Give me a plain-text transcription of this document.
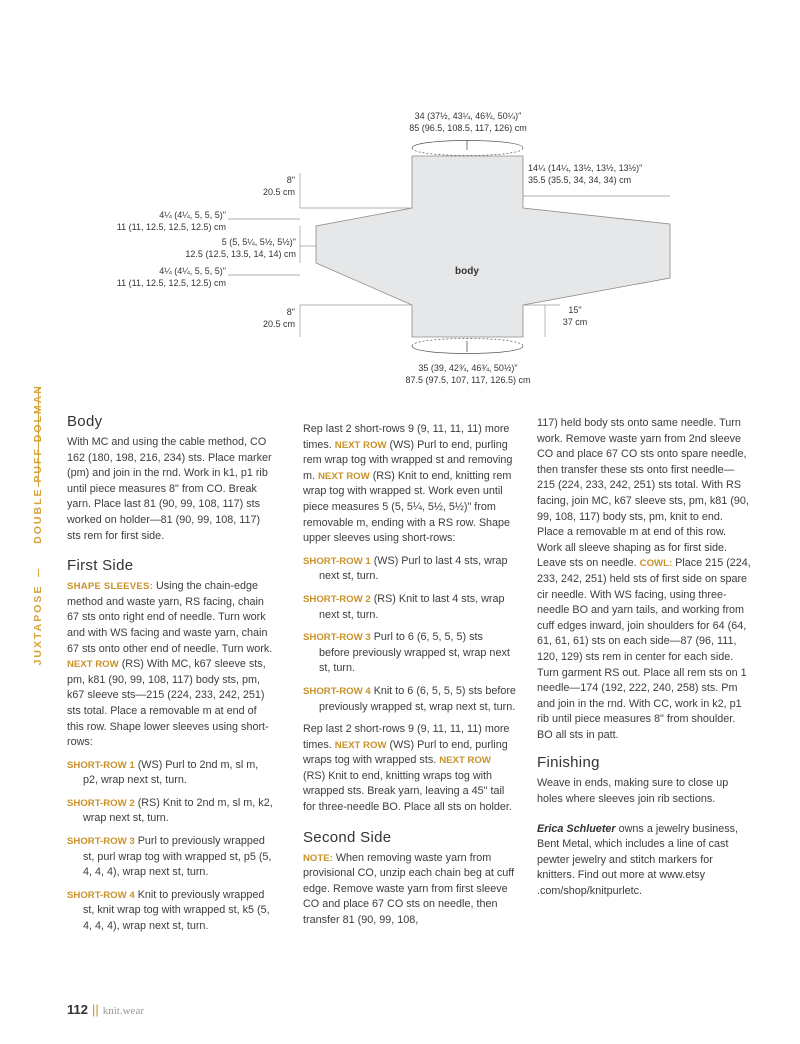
34 (37½, 43¼, 46¾, 50¼)"
85 (96.5, 108.5, 117, 126) cm
14¼ (14¼, 13½, 13½, 13½)"
35.5 (35.5, 34, 34, 34) cm
8"
20.5 cm
4¼ (4¼, 5, 5, 5)"
11 (11, 12.5, 12.5, 12.5) cm
5 (5, 5¼, 5½, 5½)"
12.5 (12.5, 13.5, 14, 14) cm
4¼ (4¼, 5, 5, 5)"
11 (11, 12.5, 12.5, 12.5) cm
8"
20.5 cm
body
15"
37 cm
35 (39, 42¾, 46¾, 50½)"
87.5 (97.5, 107, 117, 126.5) cm
DOUBLE PUFF DOLMAN
JUXTAPOSE
Body

With MC and using the cable method, CO 162 (180, 198, 216, 234) sts. Place marker (pm) and join in the rnd. Work in k1, p1 rib until piece measures 8" from CO. Break yarn. Place last 81 (90, 99, 108, 117) sts worked on holder—81 (90, 99, 108, 117) sts rem for first side.

First Side

SHAPE SLEEVES: Using the chain-edge method and waste yarn, RS facing, chain 67 sts onto right end of needle. Turn work and with WS facing and waste yarn, chain 67 sts onto other end of needle. Turn work. NEXT ROW (RS) With MC, k67 sleeve sts, pm, k81 (90, 99, 108, 117) body sts, pm, k67 sleeve sts—215 (224, 233, 242, 251) sts total. Place a removable m at end of this row. Shape lower sleeves using short-rows:

SHORT-ROW 1 (WS) Purl to 2nd m, sl m, p2, wrap next st, turn.

SHORT-ROW 2 (RS) Knit to 2nd m, sl m, k2, wrap next st, turn.

SHORT-ROW 3 Purl to previously wrapped st, purl wrap tog with wrapped st, p5 (5, 4, 4, 4), wrap next st, turn.

SHORT-ROW 4 Knit to previously wrapped st, knit wrap tog with wrapped st, k5 (5, 4, 4, 4), wrap next st, turn.

Rep last 2 short-rows 9 (9, 11, 11, 11) more times. NEXT ROW (WS) Purl to end, purling rem wrap tog with wrapped st and removing m. NEXT ROW (RS) Knit to end, knitting rem wrap tog with wrapped st. Work even until piece measures 5 (5, 5¼, 5½, 5½)" from removable m, ending with a RS row. Shape upper sleeves using short-rows:

SHORT-ROW 1 (WS) Purl to last 4 sts, wrap next st, turn.

SHORT-ROW 2 (RS) Knit to last 4 sts, wrap next st, turn.

SHORT-ROW 3 Purl to 6 (6, 5, 5, 5) sts before previously wrapped st, wrap next st, turn.

SHORT-ROW 4 Knit to 6 (6, 5, 5, 5) sts before previously wrapped st, wrap next st, turn.

Rep last 2 short-rows 9 (9, 11, 11, 11) more times. NEXT ROW (WS) Purl to end, purling wraps tog with wrapped sts. NEXT ROW (RS) Knit to end, knitting wraps tog with wrapped sts. Break yarn, leaving a 45" tail for three-needle BO. Place all sts on holder.

Second Side

NOTE: When removing waste yarn from provisional CO, unzip each chain beg at cuff edge. Remove waste yarn from first sleeve CO and place 67 CO sts on needle, then transfer 81 (90, 99, 108,

117) held body sts onto same needle. Turn work. Remove waste yarn from 2nd sleeve CO and place 67 CO sts onto spare needle, then transfer these sts onto first needle—215 (224, 233, 242, 251) sts total. With RS facing, join MC, k67 sleeve sts, pm, k81 (90, 99, 108, 117) body sts, pm, knit to end. Place a removable m at end of this row. Work all sleeve shaping as for first side. Leave sts on needle. COWL: Place 215 (224, 233, 242, 251) held sts of first side on spare cir needle. With WS facing, using three-needle BO and yarn tails, and working from cuff edges inward, join shoulders for 64 (64, 61, 61, 61) sts on each side—87 (96, 111, 120, 129) sts rem in center for each side. Turn garment RS out. Place all rem sts on 1 needle—174 (192, 222, 240, 258) sts. Pm and join in the rnd. With CC, work in k2, p1 rib until piece measures 8" from shoulder. BO all sts in patt.

Finishing

Weave in ends, making sure to close up holes where sleeves join rib sections.

Erica Schlueter owns a jewelry business, Bent Metal, which includes a line of cast pewter jewelry and stitch markers for knitters. Find out more at www.etsy .com/shop/knitpurletc.

112 || knit.wear
